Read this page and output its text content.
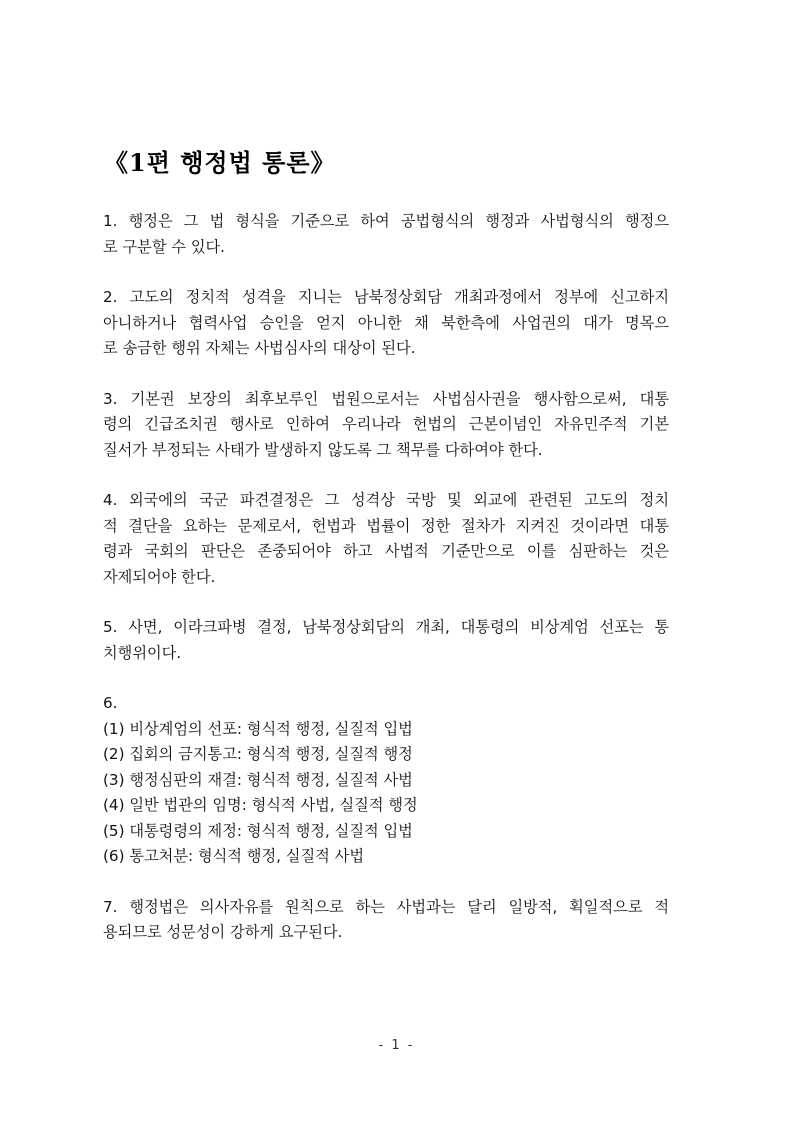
《1편 행정법 통론》
1. 행정은 그 법 형식을 기준으로 하여 공법형식의 행정과 사법형식의 행정으
로 구분할 수 있다.
2. 고도의 정치적 성격을 지니는 남북정상회담 개최과정에서 정부에 신고하지
아니하거나 협력사업 승인을 얻지 아니한 채 북한측에 사업권의 대가 명목으
로 송금한 행위 자체는 사법심사의 대상이 된다.
3. 기본권 보장의 최후보루인 법원으로서는 사법심사권을 행사함으로써, 대통
령의 긴급조치권 행사로 인하여 우리나라 헌법의 근본이념인 자유민주적 기본
질서가 부정되는 사태가 발생하지 않도록 그 책무를 다하여야 한다.
4. 외국에의 국군 파견결정은 그 성격상 국방 및 외교에 관련된 고도의 정치
적 결단을 요하는 문제로서, 헌법과 법률이 정한 절차가 지켜진 것이라면 대통
령과 국회의 판단은 존중되어야 하고 사법적 기준만으로 이를 심판하는 것은
자제되어야 한다.
5. 사면, 이라크파병 결정, 남북정상회담의 개최, 대통령의 비상계엄 선포는 통
치행위이다.
6.
(1) 비상계엄의 선포: 형식적 행정, 실질적 입법
(2) 집회의 금지통고: 형식적 행정, 실질적 행정
(3) 행정심판의 재결: 형식적 행정, 실질적 사법
(4) 일반 법관의 임명: 형식적 사법, 실질적 행정
(5) 대통령령의 제정: 형식적 행정, 실질적 입법
(6) 통고처분: 형식적 행정, 실질적 사법
7. 행정법은 의사자유를 원칙으로 하는 사법과는 달리 일방적, 획일적으로 적
용되므로 성문성이 강하게 요구된다.
- 1 -
